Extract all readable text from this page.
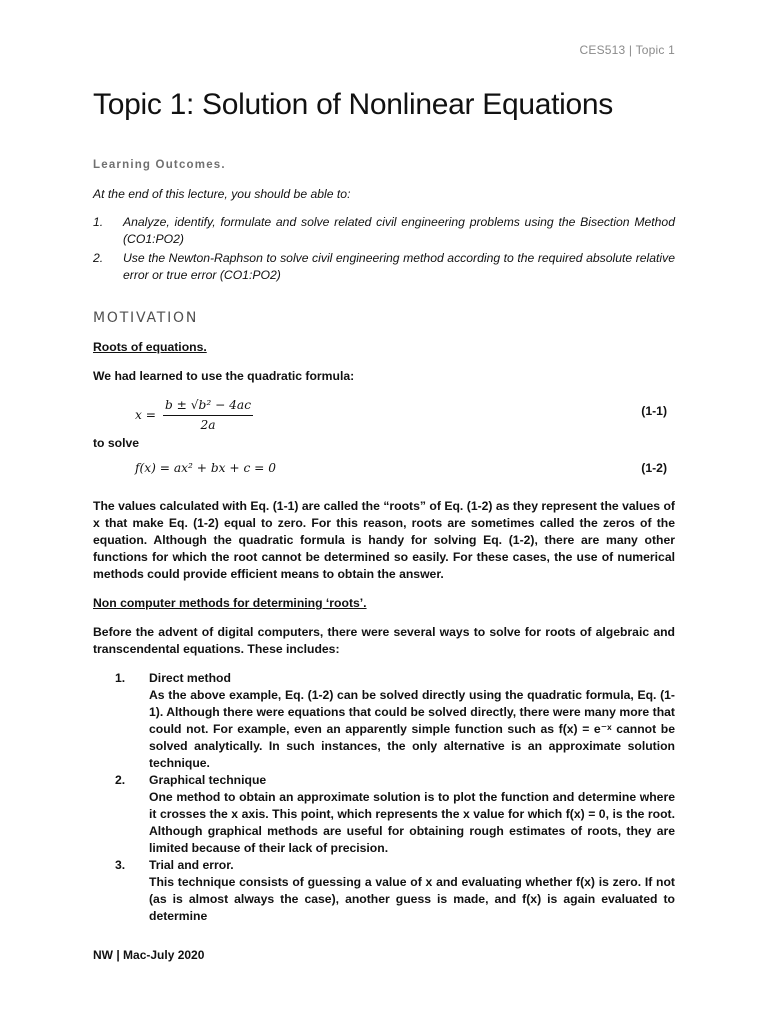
CES513 | Topic 1
Topic 1: Solution of Nonlinear Equations
Learning Outcomes.
At the end of this lecture, you should be able to:
1.	Analyze, identify, formulate and solve related civil engineering problems using the Bisection Method (CO1:PO2)
2.	Use the Newton-Raphson to solve civil engineering method according to the required absolute relative error or true error (CO1:PO2)
MOTIVATION
Roots of equations.
We had learned to use the quadratic formula:
$x = \frac{\text{b ± √b² − 4ac}}{2a}$	(1-1)
to solve
f(x) = ax² + bx + c = 0	(1-2)
The values calculated with Eq. (1-1) are called the “roots” of Eq. (1-2) as they represent the values of x that make Eq. (1-2) equal to zero. For this reason, roots are sometimes called the zeros of the equation. Although the quadratic formula is handy for solving Eq. (1-2), there are many other functions for which the root cannot be determined so easily. For these cases, the use of numerical methods could provide efficient means to obtain the answer.
Non computer methods for determining ‘roots’.
Before the advent of digital computers, there were several ways to solve for roots of algebraic and transcendental equations. These includes:
1.	Direct method
As the above example, Eq. (1-2) can be solved directly using the quadratic formula, Eq. (1-1). Although there were equations that could be solved directly, there were many more that could not. For example, even an apparently simple function such as f(x) = e⁻ˣ cannot be solved analytically. In such instances, the only alternative is an approximate solution technique.
2.	Graphical technique
One method to obtain an approximate solution is to plot the function and determine where it crosses the x axis. This point, which represents the x value for which f(x) = 0, is the root. Although graphical methods are useful for obtaining rough estimates of roots, they are limited because of their lack of precision.
3.	Trial and error.
This technique consists of guessing a value of x and evaluating whether f(x) is zero. If not (as is almost always the case), another guess is made, and f(x) is again evaluated to determine
NW | Mac-July 2020
